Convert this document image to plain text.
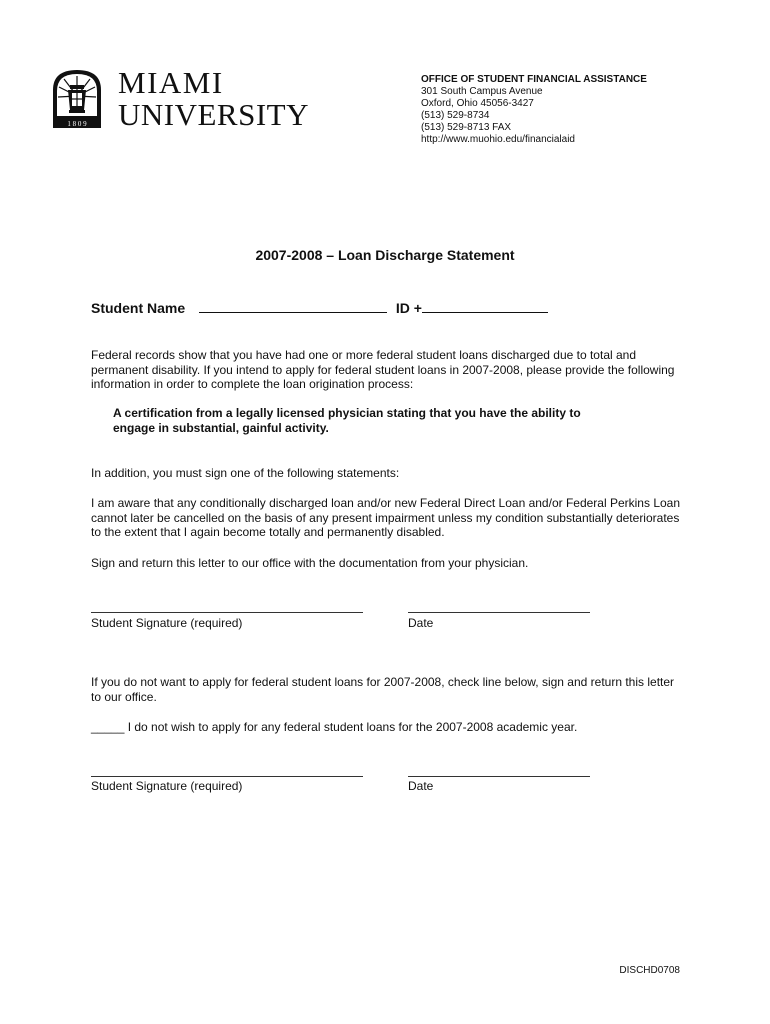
1 8 0 9
MIAMI
UNIVERSITY
OFFICE OF STUDENT FINANCIAL ASSISTANCE
301 South Campus Avenue
Oxford, Ohio 45056-3427
(513) 529-8734
(513) 529-8713 FAX
http://www.muohio.edu/financialaid
2007-2008 – Loan Discharge Statement
Student Name	ID +
Federal records show that you have had one or more federal student loans discharged due to total and permanent disability. If you intend to apply for federal student loans in 2007-2008, please provide the following information in order to complete the loan origination process:
A certification from a legally licensed physician stating that you have the ability to engage in substantial, gainful activity.
In addition, you must sign one of the following statements:
I am aware that any conditionally discharged loan and/or new Federal Direct Loan and/or Federal Perkins Loan cannot later be cancelled on the basis of any present impairment unless my condition substantially deteriorates to the extent that I again become totally and permanently disabled.
Sign and return this letter to our office with the documentation from your physician.
Student Signature (required)	Date
If you do not want to apply for federal student loans for 2007-2008, check line below, sign and return this letter to our office.
_____ I do not wish to apply for any federal student loans for the 2007-2008 academic year.
Student Signature (required)	Date
DISCHD0708
